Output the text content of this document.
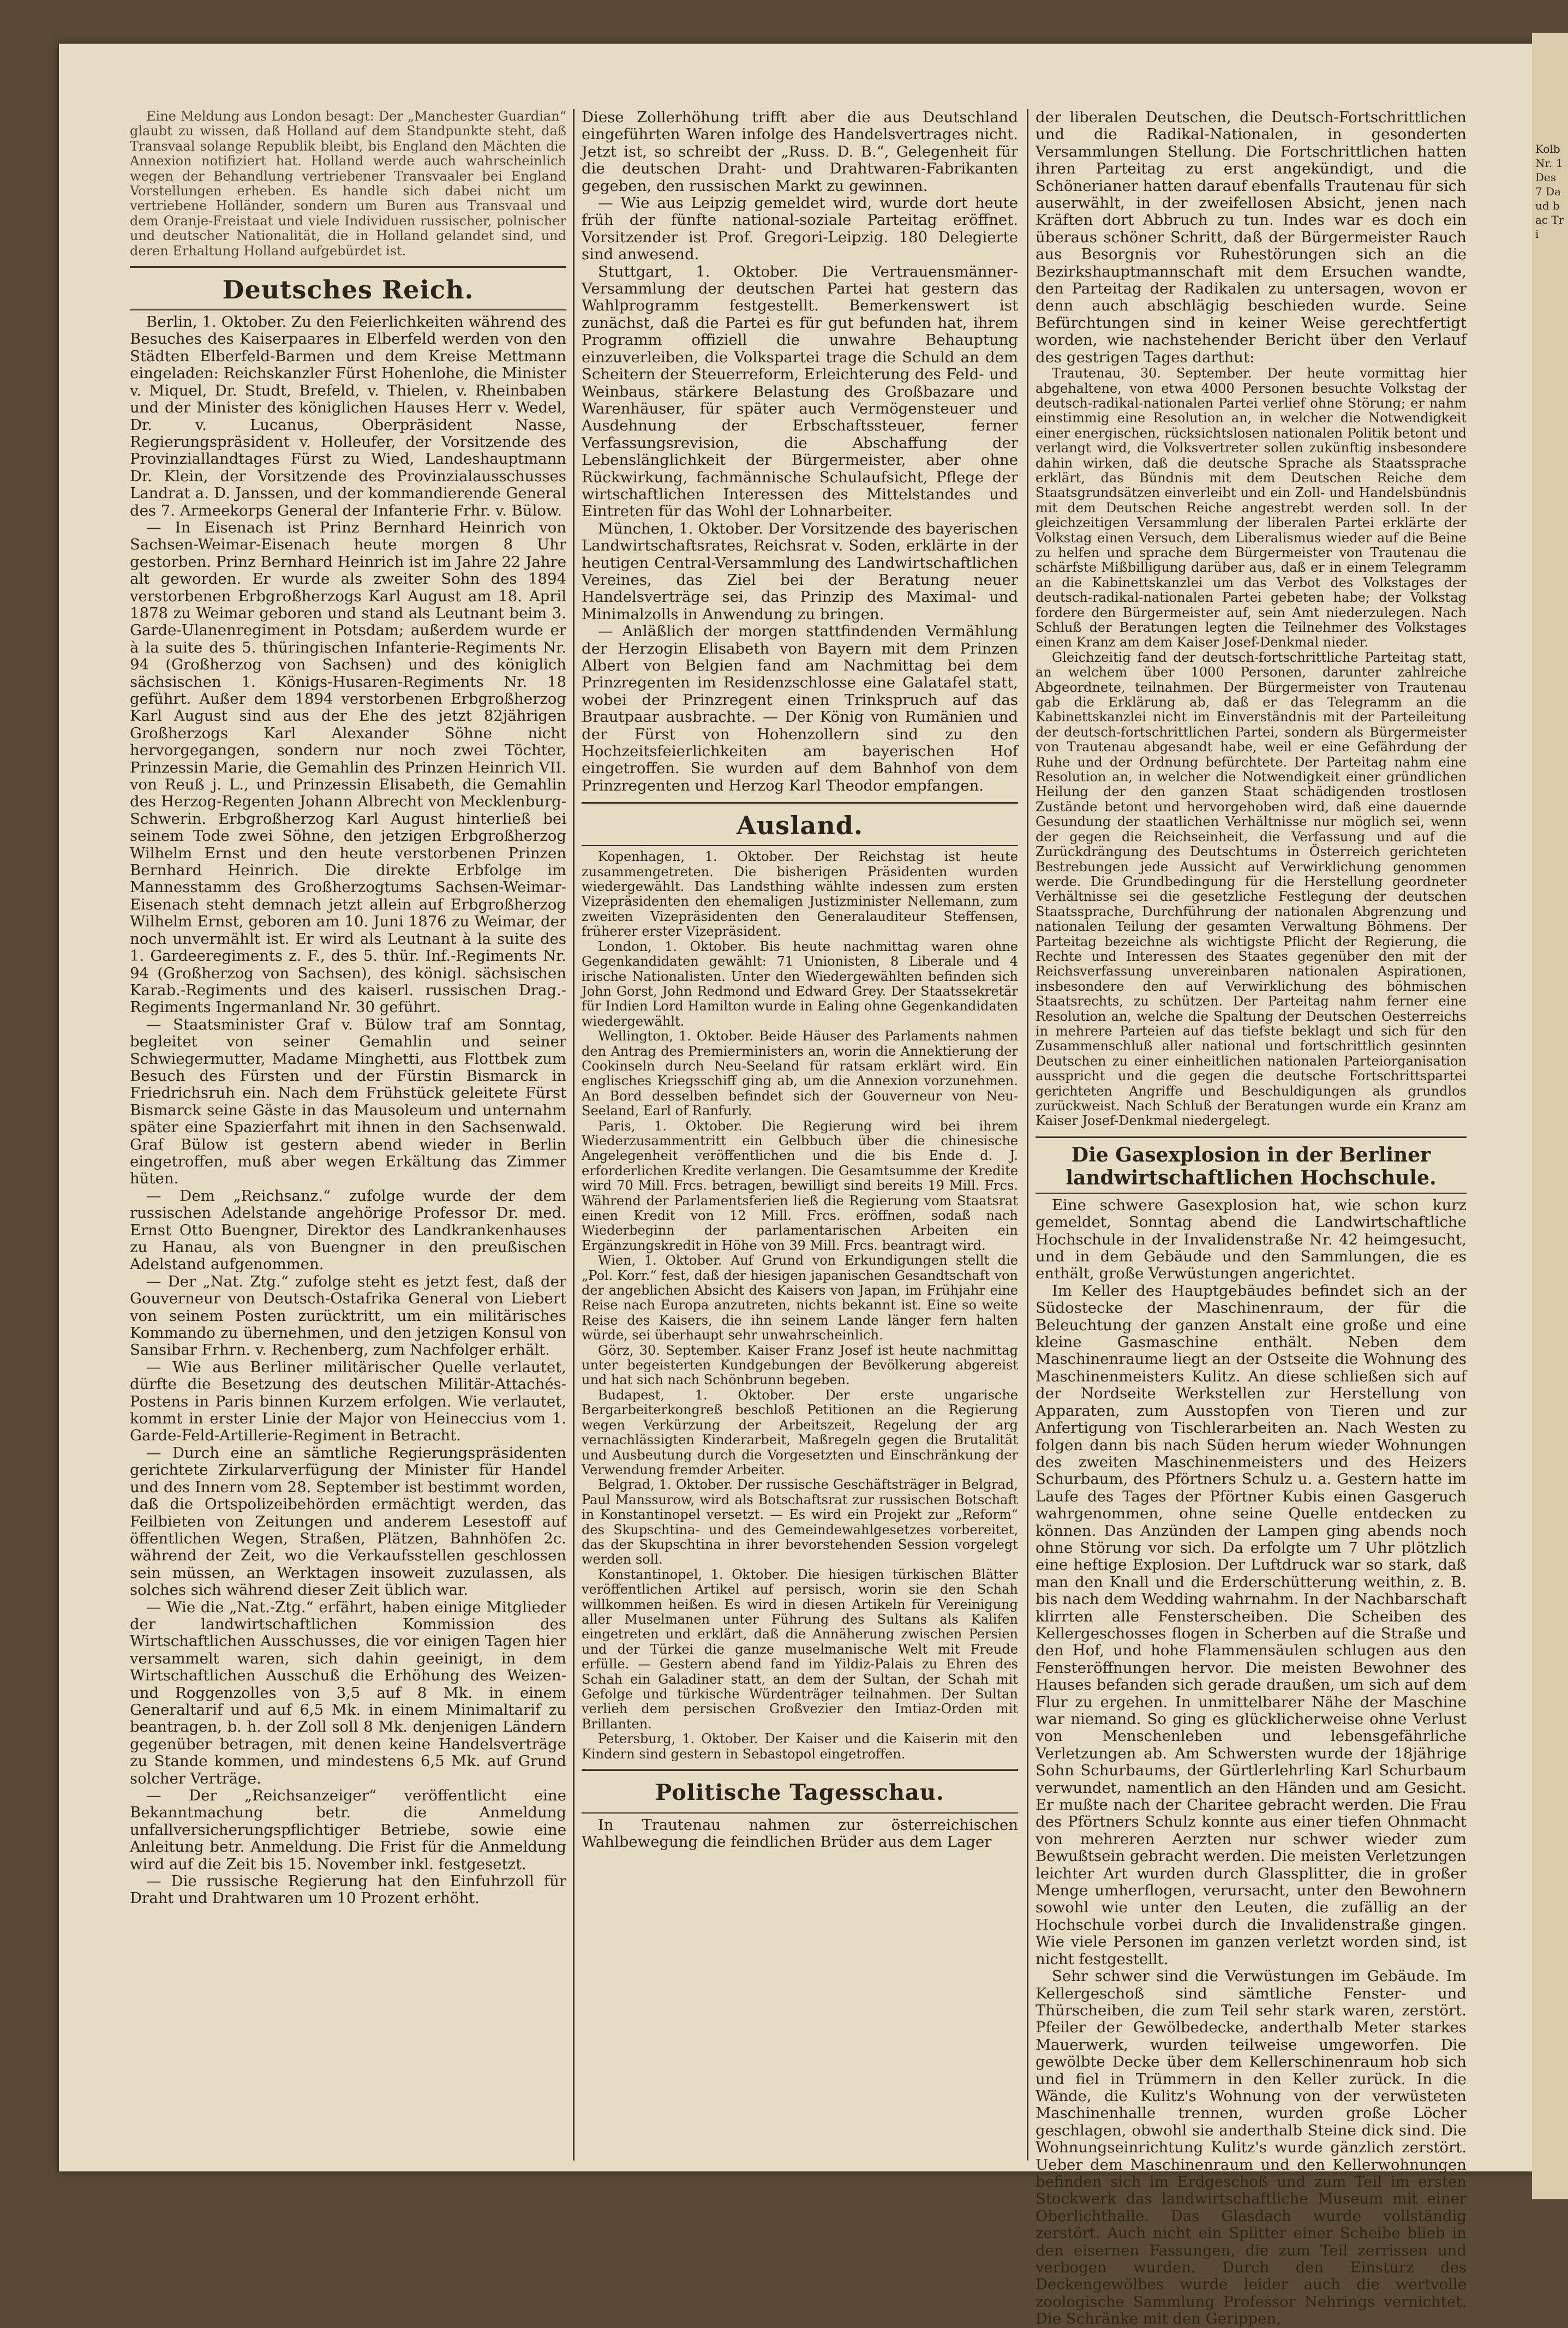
Eine Meldung aus London besagt: Der „Manchester Guardian“ glaubt zu wissen, daß Holland auf dem Standpunkte steht, daß Transvaal solange Republik bleibt, bis England den Mächten die Annexion notifiziert hat. Holland werde auch wahrscheinlich wegen der Behandlung vertriebener Transvaaler bei England Vorstellungen erheben. Es handle sich dabei nicht um vertriebene Holländer, sondern um Buren aus Transvaal und dem Oranje-Freistaat und viele Individuen russischer, polnischer und deutscher Nationalität, die in Holland gelandet sind, und deren Erhaltung Holland aufgebürdet ist.

Deutsches Reich.

Berlin, 1. Oktober. Zu den Feierlichkeiten während des Besuches des Kaiserpaares in Elberfeld werden von den Städten Elberfeld-Barmen und dem Kreise Mettmann eingeladen: Reichskanzler Fürst Hohenlohe, die Minister v. Miquel, Dr. Studt, Brefeld, v. Thielen, v. Rheinbaben und der Minister des königlichen Hauses Herr v. Wedel, Dr. v. Lucanus, Oberpräsident Nasse, Regierungspräsident v. Holleufer, der Vorsitzende des Provinziallandtages Fürst zu Wied, Landeshauptmann Dr. Klein, der Vorsitzende des Provinzialausschusses Landrat a. D. Janssen, und der kommandierende General des 7. Armeekorps General der Infanterie Frhr. v. Bülow.

— In Eisenach ist Prinz Bernhard Heinrich von Sachsen-Weimar-Eisenach heute morgen 8 Uhr gestorben. Prinz Bernhard Heinrich ist im Jahre 22 Jahre alt geworden. Er wurde als zweiter Sohn des 1894 verstorbenen Erbgroßherzogs Karl August am 18. April 1878 zu Weimar geboren und stand als Leutnant beim 3. Garde-Ulanenregiment in Potsdam; außerdem wurde er à la suite des 5. thüringischen Infanterie-Regiments Nr. 94 (Großherzog von Sachsen) und des königlich sächsischen 1. Königs-Husaren-Regiments Nr. 18 geführt. Außer dem 1894 verstorbenen Erbgroßherzog Karl August sind aus der Ehe des jetzt 82jährigen Großherzogs Karl Alexander Söhne nicht hervorgegangen, sondern nur noch zwei Töchter, Prinzessin Marie, die Gemahlin des Prinzen Heinrich VII. von Reuß j. L., und Prinzessin Elisabeth, die Gemahlin des Herzog-Regenten Johann Albrecht von Mecklenburg-Schwerin. Erbgroßherzog Karl August hinterließ bei seinem Tode zwei Söhne, den jetzigen Erbgroßherzog Wilhelm Ernst und den heute verstorbenen Prinzen Bernhard Heinrich. Die direkte Erbfolge im Mannesstamm des Großherzogtums Sachsen-Weimar-Eisenach steht demnach jetzt allein auf Erbgroßherzog Wilhelm Ernst, geboren am 10. Juni 1876 zu Weimar, der noch unvermählt ist. Er wird als Leutnant à la suite des 1. Gardeeregiments z. F., des 5. thür. Inf.-Regiments Nr. 94 (Großherzog von Sachsen), des königl. sächsischen Karab.-Regiments und des kaiserl. russischen Drag.-Regiments Ingermanland Nr. 30 geführt.

— Staatsminister Graf v. Bülow traf am Sonntag, begleitet von seiner Gemahlin und seiner Schwiegermutter, Madame Minghetti, aus Flottbek zum Besuch des Fürsten und der Fürstin Bismarck in Friedrichsruh ein. Nach dem Frühstück geleitete Fürst Bismarck seine Gäste in das Mausoleum und unternahm später eine Spazierfahrt mit ihnen in den Sachsenwald. Graf Bülow ist gestern abend wieder in Berlin eingetroffen, muß aber wegen Erkältung das Zimmer hüten.

— Dem „Reichsanz.“ zufolge wurde der dem russischen Adelstande angehörige Professor Dr. med. Ernst Otto Buengner, Direktor des Landkrankenhauses zu Hanau, als von Buengner in den preußischen Adelstand aufgenommen.

— Der „Nat. Ztg.“ zufolge steht es jetzt fest, daß der Gouverneur von Deutsch-Ostafrika General von Liebert von seinem Posten zurücktritt, um ein militärisches Kommando zu übernehmen, und den jetzigen Konsul von Sansibar Frhrn. v. Rechenberg, zum Nachfolger erhält.

— Wie aus Berliner militärischer Quelle verlautet, dürfte die Besetzung des deutschen Militär-Attachés-Postens in Paris binnen Kurzem erfolgen. Wie verlautet, kommt in erster Linie der Major von Heineccius vom 1. Garde-Feld-Artillerie-Regiment in Betracht.

— Durch eine an sämtliche Regierungspräsidenten gerichtete Zirkularverfügung der Minister für Handel und des Innern vom 28. September ist bestimmt worden, daß die Ortspolizeibehörden ermächtigt werden, das Feilbieten von Zeitungen und anderem Lesestoff auf öffentlichen Wegen, Straßen, Plätzen, Bahnhöfen 2c. während der Zeit, wo die Verkaufsstellen geschlossen sein müssen, an Werktagen insoweit zuzulassen, als solches sich während dieser Zeit üblich war.

— Wie die „Nat.-Ztg.“ erfährt, haben einige Mitglieder der landwirtschaftlichen Kommission des Wirtschaftlichen Ausschusses, die vor einigen Tagen hier versammelt waren, sich dahin geeinigt, in dem Wirtschaftlichen Ausschuß die Erhöhung des Weizen- und Roggenzolles von 3,5 auf 8 Mk. in einem Generaltarif und auf 6,5 Mk. in einem Minimaltarif zu beantragen, b. h. der Zoll soll 8 Mk. denjenigen Ländern gegenüber betragen, mit denen keine Handelsverträge zu Stande kommen, und mindestens 6,5 Mk. auf Grund solcher Verträge.

— Der „Reichsanzeiger“ veröffentlicht eine Bekanntmachung betr. die Anmeldung unfallversicherungspflichtiger Betriebe, sowie eine Anleitung betr. Anmeldung. Die Frist für die Anmeldung wird auf die Zeit bis 15. November inkl. festgesetzt.

— Die russische Regierung hat den Einfuhrzoll für Draht und Drahtwaren um 10 Prozent erhöht.

Diese Zollerhöhung trifft aber die aus Deutschland eingeführten Waren infolge des Handelsvertrages nicht. Jetzt ist, so schreibt der „Russ. D. B.“, Gelegenheit für die deutschen Draht- und Drahtwaren-Fabrikanten gegeben, den russischen Markt zu gewinnen.

— Wie aus Leipzig gemeldet wird, wurde dort heute früh der fünfte national-soziale Parteitag eröffnet. Vorsitzender ist Prof. Gregori-Leipzig. 180 Delegierte sind anwesend.

Stuttgart, 1. Oktober. Die Vertrauensmänner-Versammlung der deutschen Partei hat gestern das Wahlprogramm festgestellt. Bemerkenswert ist zunächst, daß die Partei es für gut befunden hat, ihrem Programm offiziell die unwahre Behauptung einzuverleiben, die Volkspartei trage die Schuld an dem Scheitern der Steuerreform, Erleichterung des Feld- und Weinbaus, stärkere Belastung des Großbazare und Warenhäuser, für später auch Vermögensteuer und Ausdehnung der Erbschaftssteuer, ferner Verfassungsrevision, die Abschaffung der Lebenslänglichkeit der Bürgermeister, aber ohne Rückwirkung, fachmännische Schulaufsicht, Pflege der wirtschaftlichen Interessen des Mittelstandes und Eintreten für das Wohl der Lohnarbeiter.

München, 1. Oktober. Der Vorsitzende des bayerischen Landwirtschaftsrates, Reichsrat v. Soden, erklärte in der heutigen Central-Versammlung des Landwirtschaftlichen Vereines, das Ziel bei der Beratung neuer Handelsverträge sei, das Prinzip des Maximal- und Minimalzolls in Anwendung zu bringen.

— Anläßlich der morgen stattfindenden Vermählung der Herzogin Elisabeth von Bayern mit dem Prinzen Albert von Belgien fand am Nachmittag bei dem Prinzregenten im Residenzschlosse eine Galatafel statt, wobei der Prinzregent einen Trinkspruch auf das Brautpaar ausbrachte. — Der König von Rumänien und der Fürst von Hohenzollern sind zu den Hochzeitsfeierlichkeiten am bayerischen Hof eingetroffen. Sie wurden auf dem Bahnhof von dem Prinzregenten und Herzog Karl Theodor empfangen.

Ausland.

Kopenhagen, 1. Oktober. Der Reichstag ist heute zusammengetreten. Die bisherigen Präsidenten wurden wiedergewählt. Das Landsthing wählte indessen zum ersten Vizepräsidenten den ehemaligen Justizminister Nellemann, zum zweiten Vizepräsidenten den Generalauditeur Steffensen, früherer erster Vizepräsident.

London, 1. Oktober. Bis heute nachmittag waren ohne Gegenkandidaten gewählt: 71 Unionisten, 8 Liberale und 4 irische Nationalisten. Unter den Wiedergewählten befinden sich John Gorst, John Redmond und Edward Grey. Der Staatssekretär für Indien Lord Hamilton wurde in Ealing ohne Gegenkandidaten wiedergewählt.

Wellington, 1. Oktober. Beide Häuser des Parlaments nahmen den Antrag des Premierministers an, worin die Annektierung der Cookinseln durch Neu-Seeland für ratsam erklärt wird. Ein englisches Kriegsschiff ging ab, um die Annexion vorzunehmen. An Bord desselben befindet sich der Gouverneur von Neu-Seeland, Earl of Ranfurly.

Paris, 1. Oktober. Die Regierung wird bei ihrem Wiederzusammentritt ein Gelbbuch über die chinesische Angelegenheit veröffentlichen und die bis Ende d. J. erforderlichen Kredite verlangen. Die Gesamtsumme der Kredite wird 70 Mill. Frcs. betragen, bewilligt sind bereits 19 Mill. Frcs. Während der Parlamentsferien ließ die Regierung vom Staatsrat einen Kredit von 12 Mill. Frcs. eröffnen, sodaß nach Wiederbeginn der parlamentarischen Arbeiten ein Ergänzungskredit in Höhe von 39 Mill. Frcs. beantragt wird.

Wien, 1. Oktober. Auf Grund von Erkundigungen stellt die „Pol. Korr.“ fest, daß der hiesigen japanischen Gesandtschaft von der angeblichen Absicht des Kaisers von Japan, im Frühjahr eine Reise nach Europa anzutreten, nichts bekannt ist. Eine so weite Reise des Kaisers, die ihn seinem Lande länger fern halten würde, sei überhaupt sehr unwahrscheinlich.

Görz, 30. September. Kaiser Franz Josef ist heute nachmittag unter begeisterten Kundgebungen der Bevölkerung abgereist und hat sich nach Schönbrunn begeben.

Budapest, 1. Oktober. Der erste ungarische Bergarbeiterkongreß beschloß Petitionen an die Regierung wegen Verkürzung der Arbeitszeit, Regelung der arg vernachlässigten Kinderarbeit, Maßregeln gegen die Brutalität und Ausbeutung durch die Vorgesetzten und Einschränkung der Verwendung fremder Arbeiter.

Belgrad, 1. Oktober. Der russische Geschäftsträger in Belgrad, Paul Manssurow, wird als Botschaftsrat zur russischen Botschaft in Konstantinopel versetzt. — Es wird ein Projekt zur „Reform“ des Skupschtina- und des Gemeindewahlgesetzes vorbereitet, das der Skupschtina in ihrer bevorstehenden Session vorgelegt werden soll.

Konstantinopel, 1. Oktober. Die hiesigen türkischen Blätter veröffentlichen Artikel auf persisch, worin sie den Schah willkommen heißen. Es wird in diesen Artikeln für Vereinigung aller Muselmanen unter Führung des Sultans als Kalifen eingetreten und erklärt, daß die Annäherung zwischen Persien und der Türkei die ganze muselmanische Welt mit Freude erfülle. — Gestern abend fand im Yildiz-Palais zu Ehren des Schah ein Galadiner statt, an dem der Sultan, der Schah mit Gefolge und türkische Würdenträger teilnahmen. Der Sultan verlieh dem persischen Großvezier den Imtiaz-Orden mit Brillanten.

Petersburg, 1. Oktober. Der Kaiser und die Kaiserin mit den Kindern sind gestern in Sebastopol eingetroffen.

Politische Tagesschau.

In Trautenau nahmen zur österreichischen Wahlbewegung die feindlichen Brüder aus dem Lager

der liberalen Deutschen, die Deutsch-Fortschrittlichen und die Radikal-Nationalen, in gesonderten Versammlungen Stellung. Die Fortschrittlichen hatten ihren Parteitag zu erst angekündigt, und die Schönerianer hatten darauf ebenfalls Trautenau für sich auserwählt, in der zweifellosen Absicht, jenen nach Kräften dort Abbruch zu tun. Indes war es doch ein überaus schöner Schritt, daß der Bürgermeister Rauch aus Besorgnis vor Ruhestörungen sich an die Bezirkshauptmannschaft mit dem Ersuchen wandte, den Parteitag der Radikalen zu untersagen, wovon er denn auch abschlägig beschieden wurde. Seine Befürchtungen sind in keiner Weise gerechtfertigt worden, wie nachstehender Bericht über den Verlauf des gestrigen Tages darthut:

Trautenau, 30. September. Der heute vormittag hier abgehaltene, von etwa 4000 Personen besuchte Volkstag der deutsch-radikal-nationalen Partei verlief ohne Störung; er nahm einstimmig eine Resolution an, in welcher die Notwendigkeit einer energischen, rücksichtslosen nationalen Politik betont und verlangt wird, die Volksvertreter sollen zukünftig insbesondere dahin wirken, daß die deutsche Sprache als Staatssprache erklärt, das Bündnis mit dem Deutschen Reiche dem Staatsgrundsätzen einverleibt und ein Zoll- und Handelsbündnis mit dem Deutschen Reiche angestrebt werden soll. In der gleichzeitigen Versammlung der liberalen Partei erklärte der Volkstag einen Versuch, dem Liberalismus wieder auf die Beine zu helfen und sprache dem Bürgermeister von Trautenau die schärfste Mißbilligung darüber aus, daß er in einem Telegramm an die Kabinettskanzlei um das Verbot des Volkstages der deutsch-radikal-nationalen Partei gebeten habe; der Volkstag fordere den Bürgermeister auf, sein Amt niederzulegen. Nach Schluß der Beratungen legten die Teilnehmer des Volkstages einen Kranz am dem Kaiser Josef-Denkmal nieder.

Gleichzeitig fand der deutsch-fortschrittliche Parteitag statt, an welchem über 1000 Personen, darunter zahlreiche Abgeordnete, teilnahmen. Der Bürgermeister von Trautenau gab die Erklärung ab, daß er das Telegramm an die Kabinettskanzlei nicht im Einverständnis mit der Parteileitung der deutsch-fortschrittlichen Partei, sondern als Bürgermeister von Trautenau abgesandt habe, weil er eine Gefährdung der Ruhe und der Ordnung befürchtete. Der Parteitag nahm eine Resolution an, in welcher die Notwendigkeit einer gründlichen Heilung der den ganzen Staat schädigenden trostlosen Zustände betont und hervorgehoben wird, daß eine dauernde Gesundung der staatlichen Verhältnisse nur möglich sei, wenn der gegen die Reichseinheit, die Verfassung und auf die Zurückdrängung des Deutschtums in Österreich gerichteten Bestrebungen jede Aussicht auf Verwirklichung genommen werde. Die Grundbedingung für die Herstellung geordneter Verhältnisse sei die gesetzliche Festlegung der deutschen Staatssprache, Durchführung der nationalen Abgrenzung und nationalen Teilung der gesamten Verwaltung Böhmens. Der Parteitag bezeichne als wichtigste Pflicht der Regierung, die Rechte und Interessen des Staates gegenüber den mit der Reichsverfassung unvereinbaren nationalen Aspirationen, insbesondere den auf Verwirklichung des böhmischen Staatsrechts, zu schützen. Der Parteitag nahm ferner eine Resolution an, welche die Spaltung der Deutschen Oesterreichs in mehrere Parteien auf das tiefste beklagt und sich für den Zusammenschluß aller national und fortschrittlich gesinnten Deutschen zu einer einheitlichen nationalen Parteiorganisation ausspricht und die gegen die deutsche Fortschrittspartei gerichteten Angriffe und Beschuldigungen als grundlos zurückweist. Nach Schluß der Beratungen wurde ein Kranz am Kaiser Josef-Denkmal niedergelegt.

Die Gasexplosion in der Berliner landwirtschaftlichen Hochschule.

Eine schwere Gasexplosion hat, wie schon kurz gemeldet, Sonntag abend die Landwirtschaftliche Hochschule in der Invalidenstraße Nr. 42 heimgesucht, und in dem Gebäude und den Sammlungen, die es enthält, große Verwüstungen angerichtet.

Im Keller des Hauptgebäudes befindet sich an der Südostecke der Maschinenraum, der für die Beleuchtung der ganzen Anstalt eine große und eine kleine Gasmaschine enthält. Neben dem Maschinenraume liegt an der Ostseite die Wohnung des Maschinenmeisters Kulitz. An diese schließen sich auf der Nordseite Werkstellen zur Herstellung von Apparaten, zum Ausstopfen von Tieren und zur Anfertigung von Tischlerarbeiten an. Nach Westen zu folgen dann bis nach Süden herum wieder Wohnungen des zweiten Maschinenmeisters und des Heizers Schurbaum, des Pförtners Schulz u. a. Gestern hatte im Laufe des Tages der Pförtner Kubis einen Gasgeruch wahrgenommen, ohne seine Quelle entdecken zu können. Das Anzünden der Lampen ging abends noch ohne Störung vor sich. Da erfolgte um 7 Uhr plötzlich eine heftige Explosion. Der Luftdruck war so stark, daß man den Knall und die Erderschütterung weithin, z. B. bis nach dem Wedding wahrnahm. In der Nachbarschaft klirrten alle Fensterscheiben. Die Scheiben des Kellergeschosses flogen in Scherben auf die Straße und den Hof, und hohe Flammensäulen schlugen aus den Fensteröffnungen hervor. Die meisten Bewohner des Hauses befanden sich gerade draußen, um sich auf dem Flur zu ergehen. In unmittelbarer Nähe der Maschine war niemand. So ging es glücklicherweise ohne Verlust von Menschenleben und lebensgefährliche Verletzungen ab. Am Schwersten wurde der 18jährige Sohn Schurbaums, der Gürtlerlehrling Karl Schurbaum verwundet, namentlich an den Händen und am Gesicht. Er mußte nach der Charitee gebracht werden. Die Frau des Pförtners Schulz konnte aus einer tiefen Ohnmacht von mehreren Aerzten nur schwer wieder zum Bewußtsein gebracht werden. Die meisten Verletzungen leichter Art wurden durch Glassplitter, die in großer Menge umherflogen, verursacht, unter den Bewohnern sowohl wie unter den Leuten, die zufällig an der Hochschule vorbei durch die Invalidenstraße gingen. Wie viele Personen im ganzen verletzt worden sind, ist nicht festgestellt.

Sehr schwer sind die Verwüstungen im Gebäude. Im Kellergeschoß sind sämtliche Fenster- und Thürscheiben, die zum Teil sehr stark waren, zerstört. Pfeiler der Gewölbedecke, anderthalb Meter starkes Mauerwerk, wurden teilweise umgeworfen. Die gewölbte Decke über dem Kellerschinenraum hob sich und fiel in Trümmern in den Keller zurück. In die Wände, die Kulitz's Wohnung von der verwüsteten Maschinenhalle trennen, wurden große Löcher geschlagen, obwohl sie anderthalb Steine dick sind. Die Wohnungseinrichtung Kulitz's wurde gänzlich zerstört. Ueber dem Maschinenraum und den Kellerwohnungen befinden sich im Erdgeschoß und zum Teil im ersten Stockwerk das landwirtschaftliche Museum mit einer Oberlichthalle. Das Glasdach wurde vollständig zerstört. Auch nicht ein Splitter einer Scheibe blieb in den eisernen Fassungen, die zum Teil zerrissen und verbogen wurden. Durch den Einsturz des Deckengewölbes wurde leider auch die wertvolle zoologische Sammlung Professor Nehrings vernichtet. Die Schränke mit den Gerippen,

Kolb Nr. 1 Des 7 Daud bac Tri
